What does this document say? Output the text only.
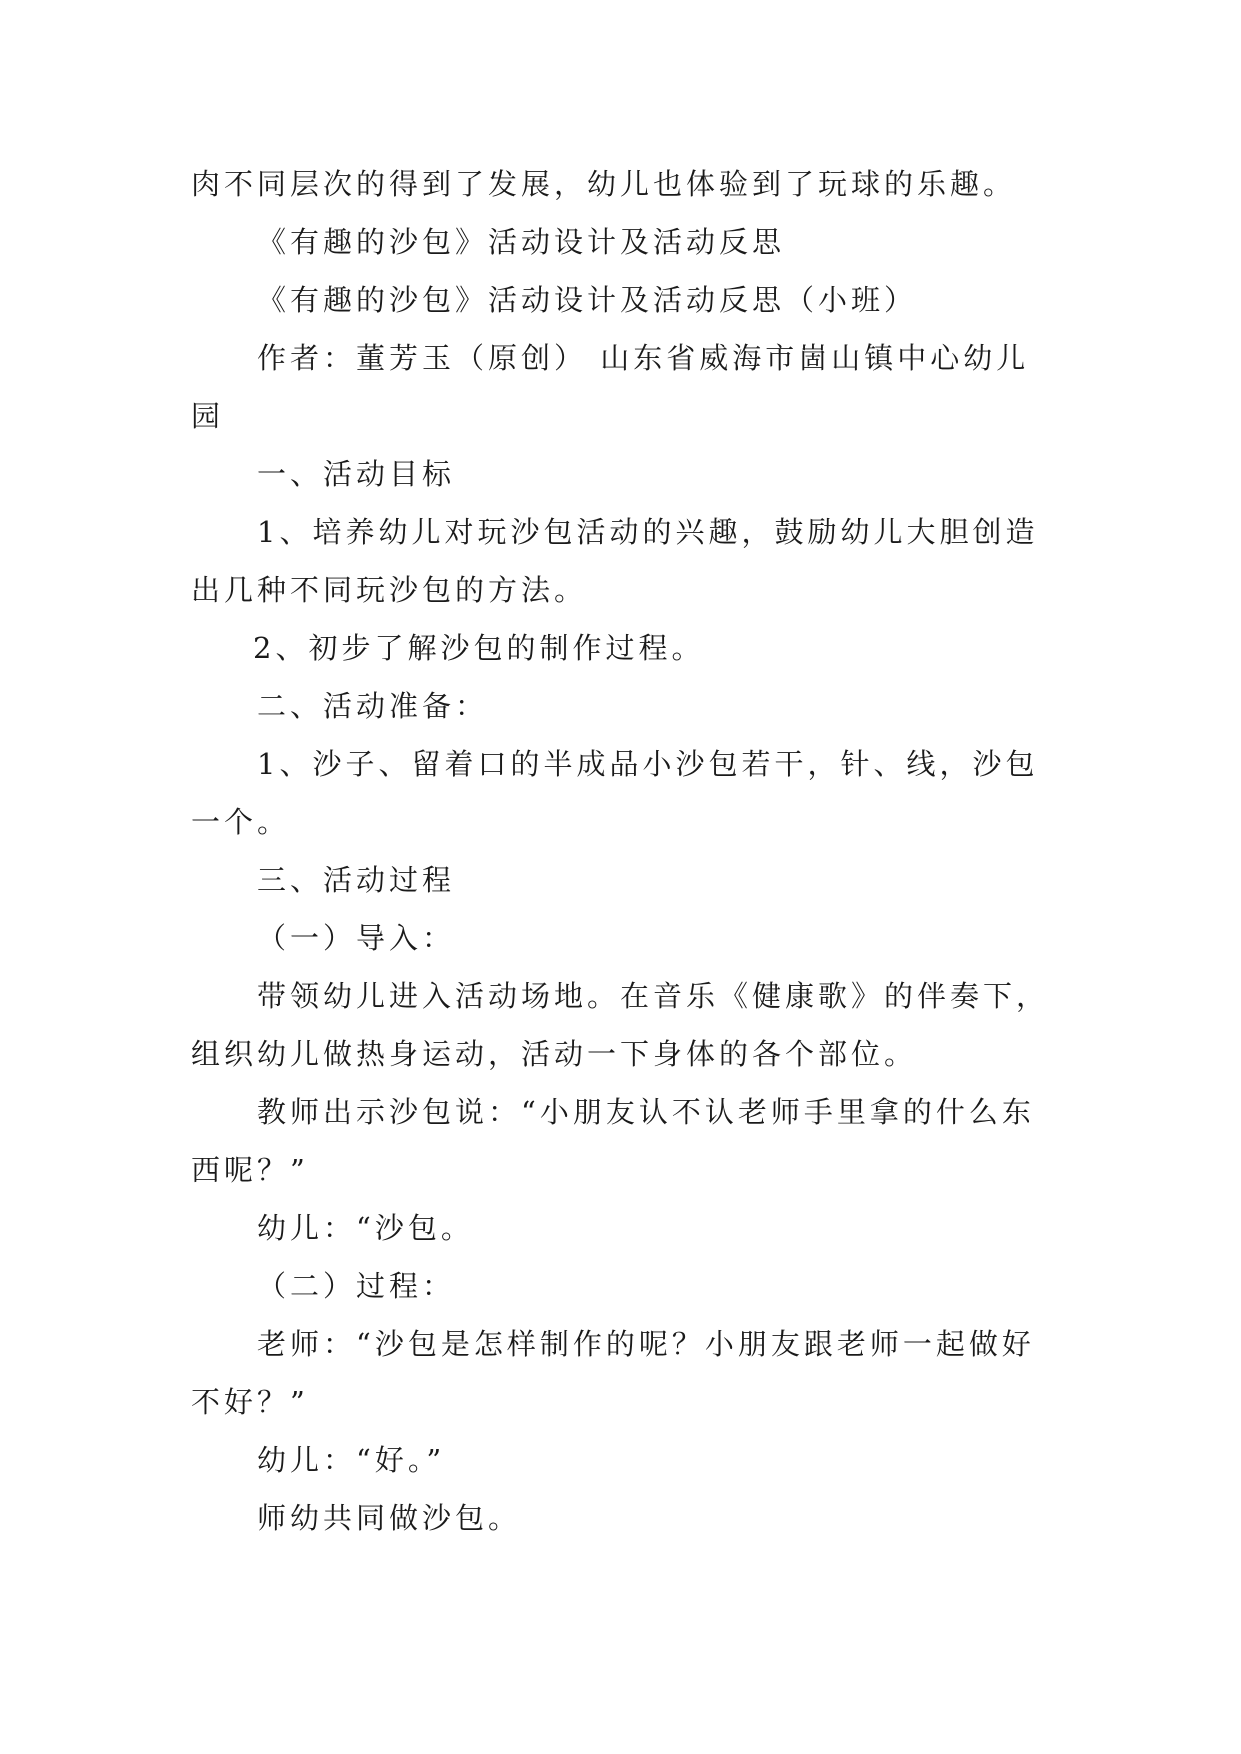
肉不同层次的得到了发展，幼儿也体验到了玩球的乐趣。

《有趣的沙包》活动设计及活动反思

《有趣的沙包》活动设计及活动反思（小班）

作者：董芳玉（原创） 山东省威海市崮山镇中心幼儿园

一、活动目标

1、培养幼儿对玩沙包活动的兴趣，鼓励幼儿大胆创造出几种不同玩沙包的方法。

2、初步了解沙包的制作过程。

二、活动准备：

1、沙子、留着口的半成品小沙包若干，针、线，沙包一个。

三、活动过程

（一）导入：

带领幼儿进入活动场地。在音乐《健康歌》的伴奏下，组织幼儿做热身运动，活动一下身体的各个部位。

教师出示沙包说：“小朋友认不认老师手里拿的什么东西呢？”

幼儿：“沙包。

（二）过程：

老师：“沙包是怎样制作的呢？小朋友跟老师一起做好不好？”

幼儿：“好。”

师幼共同做沙包。
